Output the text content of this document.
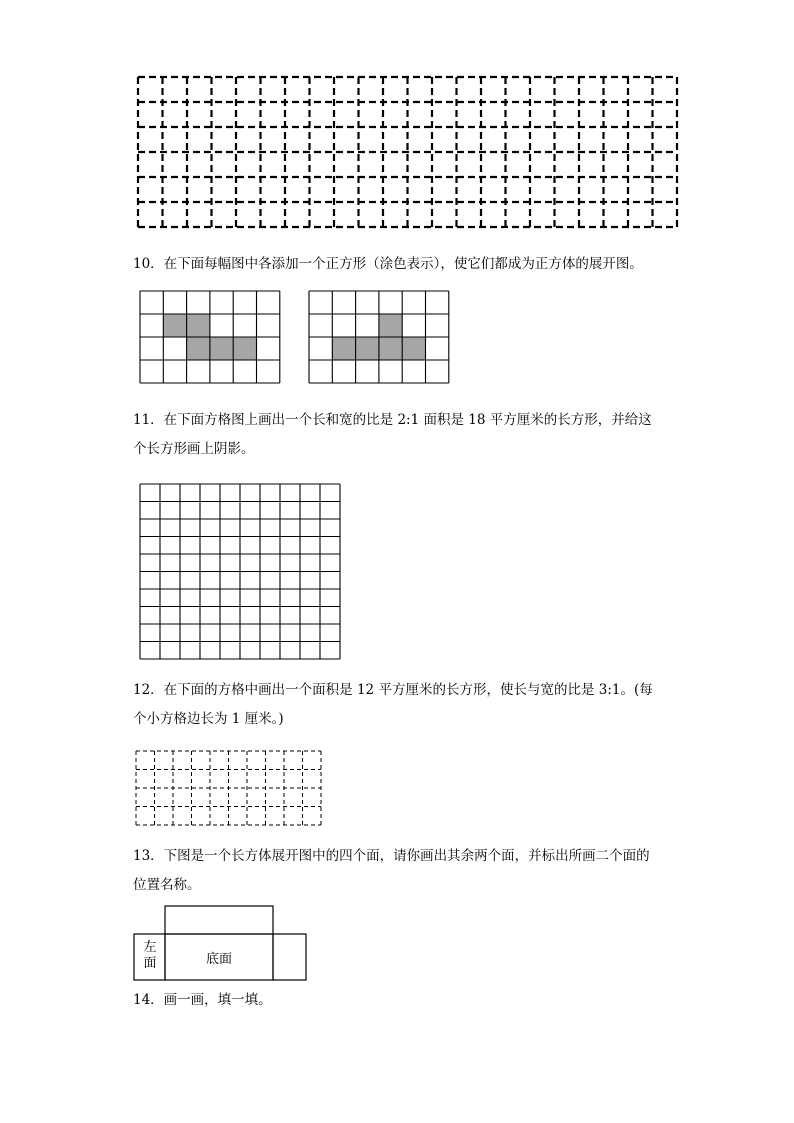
10．在下面每幅图中各添加一个正方形（涂色表示），使它们都成为正方体的展开图。
11．在下面方格图上画出一个长和宽的比是 2:1 面积是 18 平方厘米的长方形，并给这
个长方形画上阴影。
12．在下面的方格中画出一个面积是 12 平方厘米的长方形，使长与宽的比是 3:1。(每
个小方格边长为 1 厘米。)
13．下图是一个长方体展开图中的四个面，请你画出其余两个面，并标出所画二个面的
位置名称。
左面	底面
14．画一画，填一填。
